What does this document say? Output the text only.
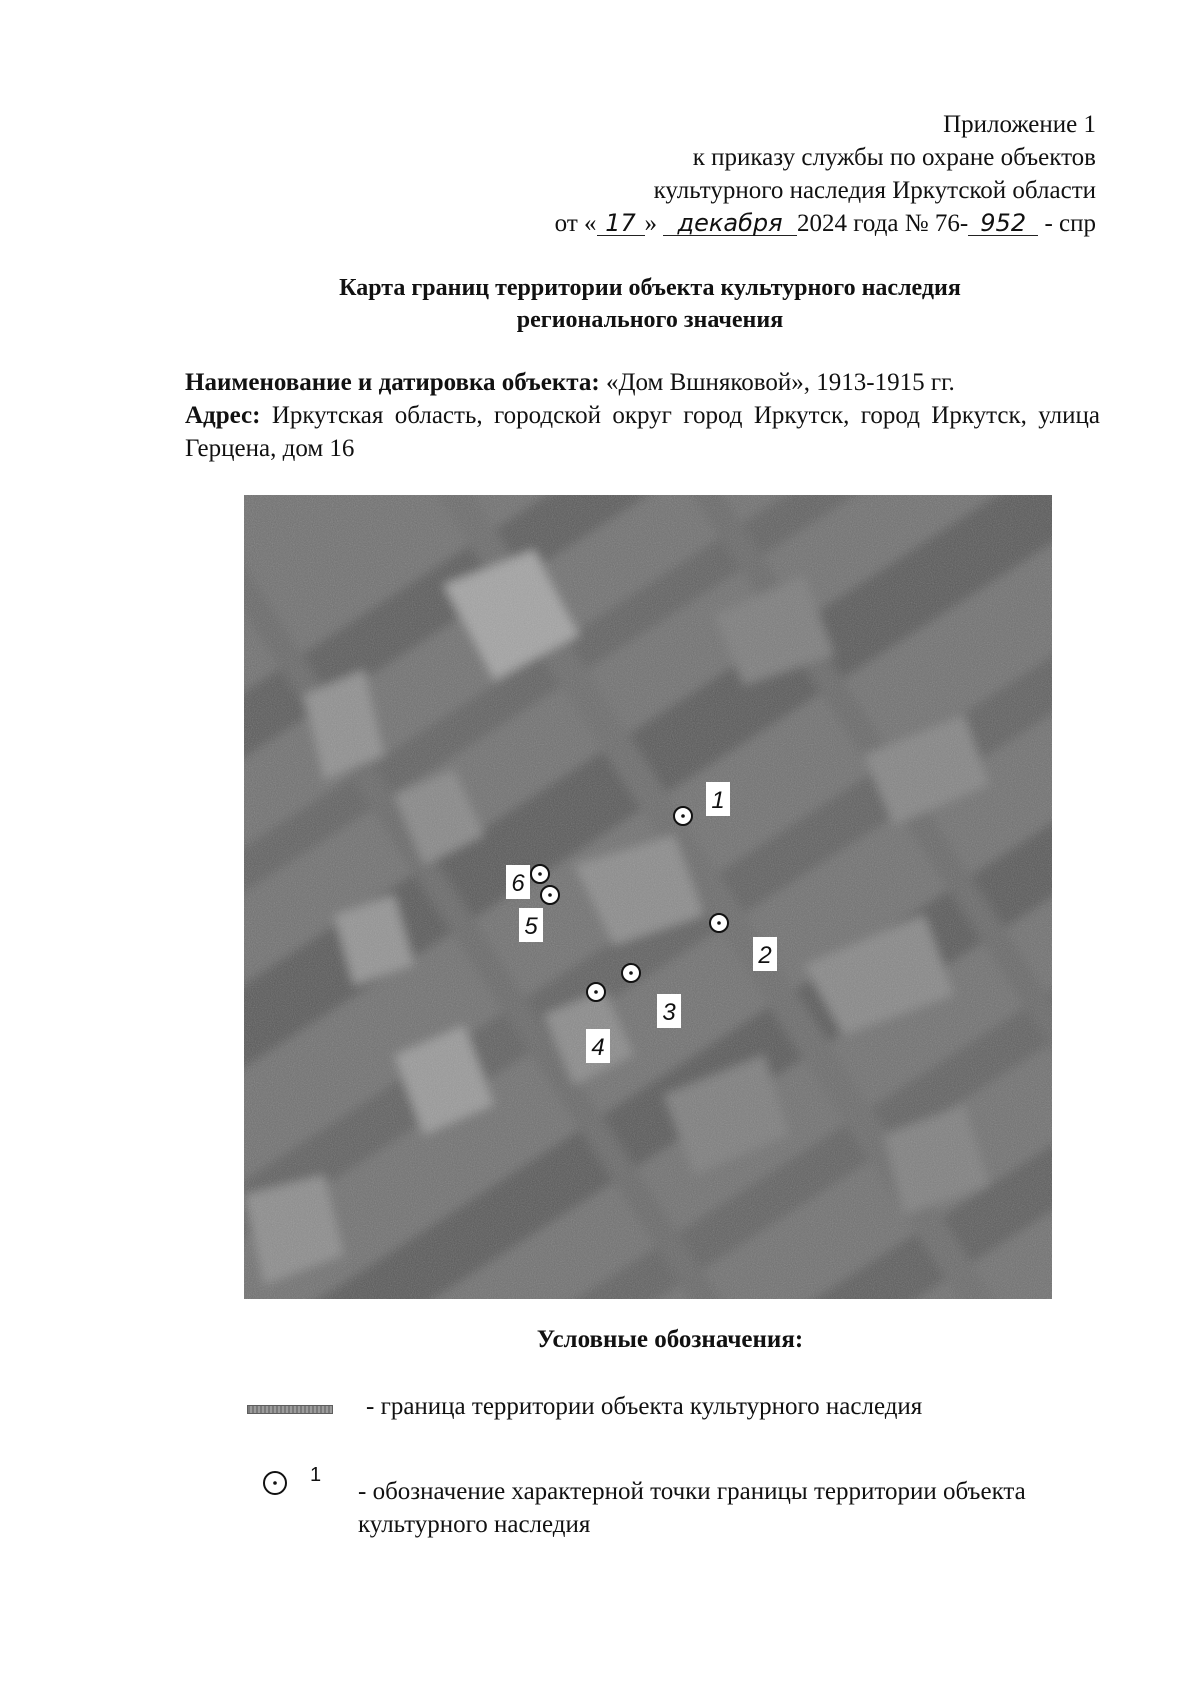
Приложение 1
к приказу службы по охране объектов
культурного наследия Иркутской области
от « 17 » декабря 2024 года № 76- 952 - спр
Карта границ территории объекта культурного наследия
регионального значения
Наименование и датировка объекта: «Дом Вшняковой», 1913-1915 гг.
Адрес: Иркутская область, городской округ город Иркутск, город Иркутск, улица Герцена, дом 16
1
2
3
4
5
6
Условные обозначения:
- граница территории объекта культурного наследия
1
- обозначение характерной точки границы территории объекта культурного наследия
